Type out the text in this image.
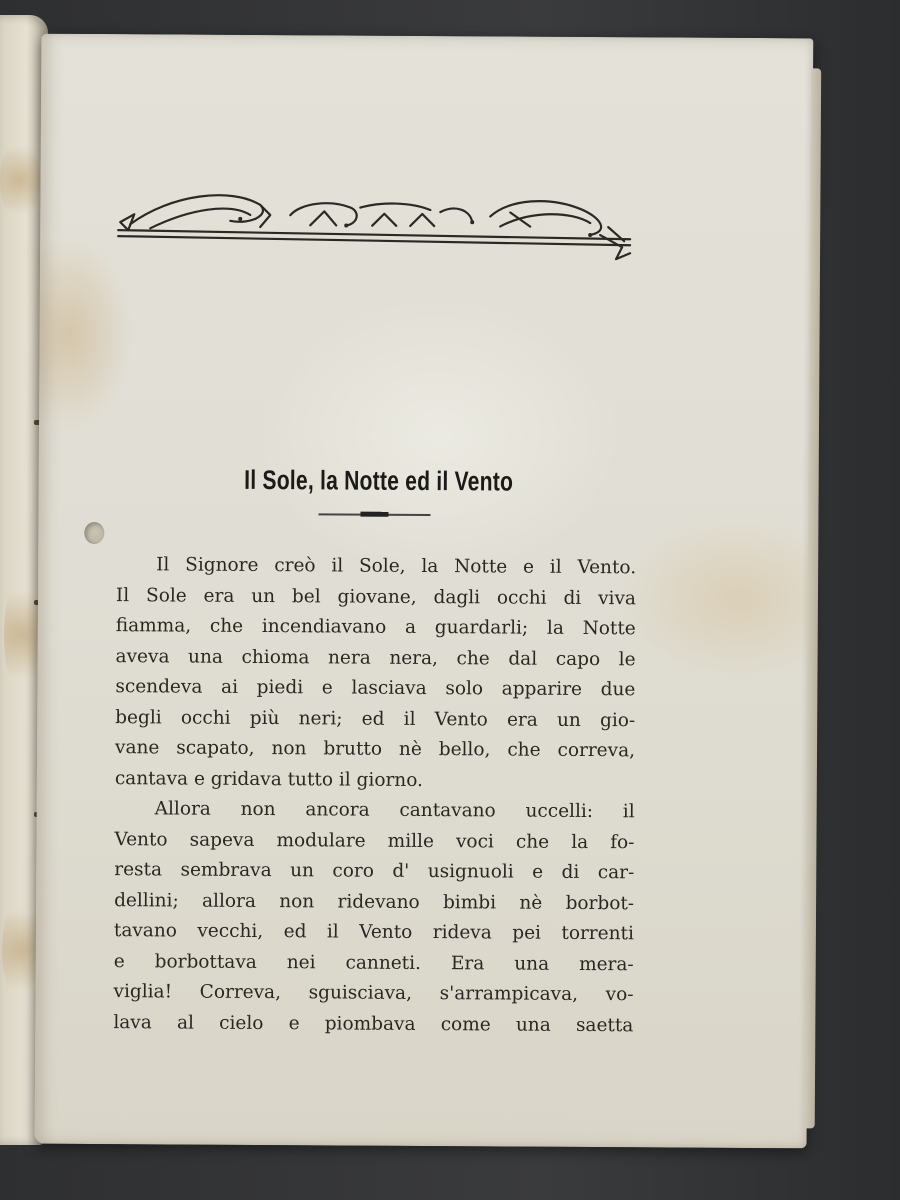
Il Sole, la Notte ed il Vento
Il Signore creò il Sole, la Notte e il Vento.
Il Sole era un bel giovane, dagli occhi di viva
fiamma, che incendiavano a guardarli; la Notte
aveva una chioma nera nera, che dal capo le
scendeva ai piedi e lasciava solo apparire due
begli occhi più neri; ed il Vento era un gio-
vane scapato, non brutto nè bello, che correva,
cantava e gridava tutto il giorno.
Allora non ancora cantavano uccelli: il
Vento sapeva modulare mille voci che la fo-
resta sembrava un coro d' usignuoli e di car-
dellini; allora non ridevano bimbi nè borbot-
tavano vecchi, ed il Vento rideva pei torrenti
e borbottava nei canneti. Era una mera-
viglia! Correva, sguisciava, s'arrampicava, vo-
lava al cielo e piombava come una saetta
